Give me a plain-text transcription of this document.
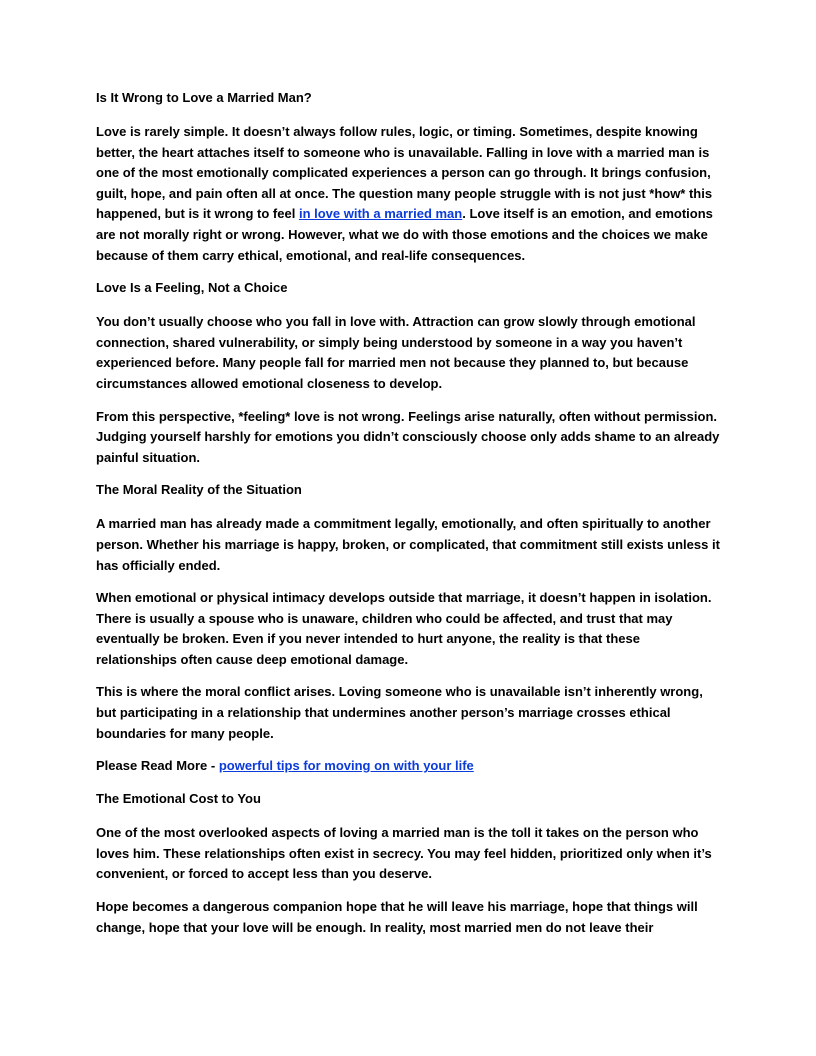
Is It Wrong to Love a Married Man?

Love is rarely simple. It doesn’t always follow rules, logic, or timing. Sometimes, despite knowing better, the heart attaches itself to someone who is unavailable. Falling in love with a married man is one of the most emotionally complicated experiences a person can go through. It brings confusion, guilt, hope, and pain often all at once. The question many people struggle with is not just *how* this happened, but is it wrong to feel in love with a married man. Love itself is an emotion, and emotions are not morally right or wrong. However, what we do with those emotions and the choices we make because of them carry ethical, emotional, and real-life consequences.

Love Is a Feeling, Not a Choice

You don’t usually choose who you fall in love with. Attraction can grow slowly through emotional connection, shared vulnerability, or simply being understood by someone in a way you haven’t experienced before. Many people fall for married men not because they planned to, but because circumstances allowed emotional closeness to develop.

From this perspective, *feeling* love is not wrong. Feelings arise naturally, often without permission. Judging yourself harshly for emotions you didn’t consciously choose only adds shame to an already painful situation.

The Moral Reality of the Situation

A married man has already made a commitment legally, emotionally, and often spiritually to another person. Whether his marriage is happy, broken, or complicated, that commitment still exists unless it has officially ended.

When emotional or physical intimacy develops outside that marriage, it doesn’t happen in isolation. There is usually a spouse who is unaware, children who could be affected, and trust that may eventually be broken. Even if you never intended to hurt anyone, the reality is that these relationships often cause deep emotional damage.

This is where the moral conflict arises. Loving someone who is unavailable isn’t inherently wrong, but participating in a relationship that undermines another person’s marriage crosses ethical boundaries for many people.

Please Read More - powerful tips for moving on with your life

The Emotional Cost to You

One of the most overlooked aspects of loving a married man is the toll it takes on the person who loves him. These relationships often exist in secrecy. You may feel hidden, prioritized only when it’s convenient, or forced to accept less than you deserve.

Hope becomes a dangerous companion hope that he will leave his marriage, hope that things will change, hope that your love will be enough. In reality, most married men do not leave their
